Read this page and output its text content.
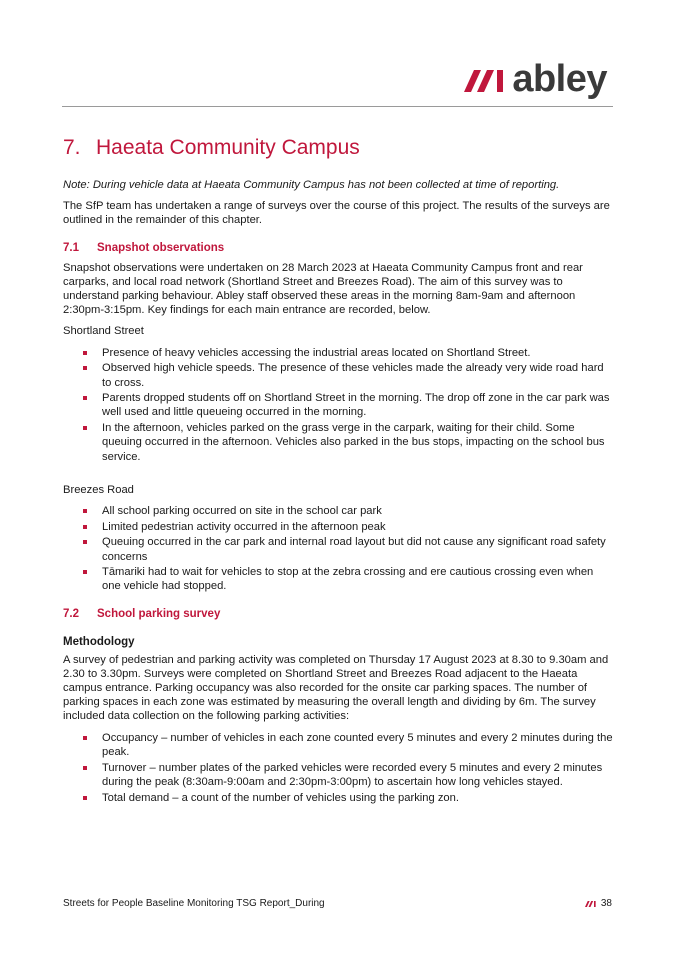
abley
7. Haeata Community Campus

Note: During vehicle data at Haeata Community Campus has not been collected at time of reporting.

The SfP team has undertaken a range of surveys over the course of this project. The results of the surveys are outlined in the remainder of this chapter.

7.1 Snapshot observations

Snapshot observations were undertaken on 28 March 2023 at Haeata Community Campus front and rear carparks, and local road network (Shortland Street and Breezes Road). The aim of this survey was to understand parking behaviour. Abley staff observed these areas in the morning 8am-9am and afternoon 2:30pm-3:15pm. Key findings for each main entrance are recorded, below.

Shortland Street

Presence of heavy vehicles accessing the industrial areas located on Shortland Street.
Observed high vehicle speeds. The presence of these vehicles made the already very wide road hard to cross.
Parents dropped students off on Shortland Street in the morning. The drop off zone in the car park was well used and little queueing occurred in the morning.
In the afternoon, vehicles parked on the grass verge in the carpark, waiting for their child. Some queuing occurred in the afternoon. Vehicles also parked in the bus stops, impacting on the school bus service.

Breezes Road

All school parking occurred on site in the school car park
Limited pedestrian activity occurred in the afternoon peak
Queuing occurred in the car park and internal road layout but did not cause any significant road safety concerns
Tāmariki had to wait for vehicles to stop at the zebra crossing and ere cautious crossing even when one vehicle had stopped.
7.2 School parking survey
Methodology

A survey of pedestrian and parking activity was completed on Thursday 17 August 2023 at 8.30 to 9.30am and 2.30 to 3.30pm. Surveys were completed on Shortland Street and Breezes Road adjacent to the Haeata campus entrance. Parking occupancy was also recorded for the onsite car parking spaces. The number of parking spaces in each zone was estimated by measuring the overall length and dividing by 6m. The survey included data collection on the following parking activities:

Occupancy – number of vehicles in each zone counted every 5 minutes and every 2 minutes during the peak.
Turnover – number plates of the parked vehicles were recorded every 5 minutes and every 2 minutes during the peak (8:30am-9:00am and 2:30pm-3:00pm) to ascertain how long vehicles stayed.
Total demand – a count of the number of vehicles using the parking zon.
Streets for People Baseline Monitoring TSG Report_During	38
